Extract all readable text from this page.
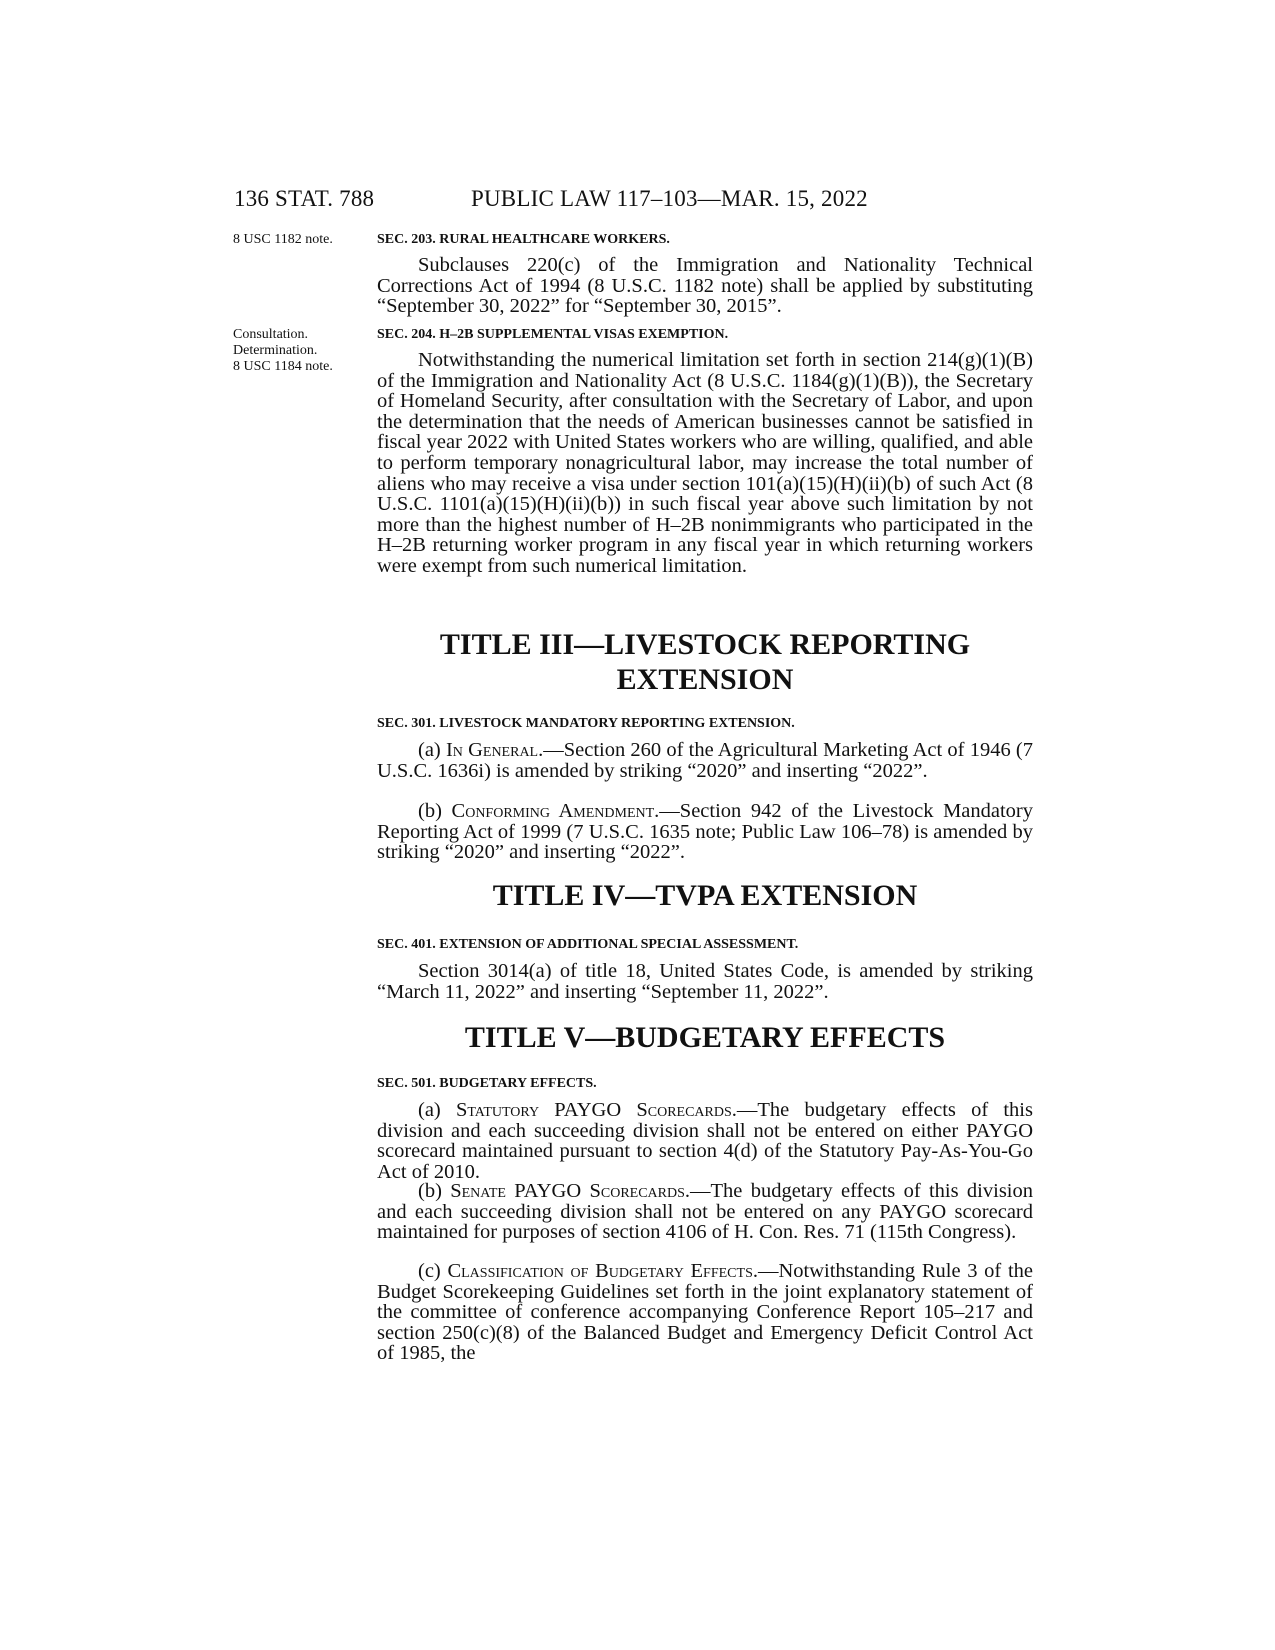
136 STAT. 788	PUBLIC LAW 117–103—MAR. 15, 2022
8 USC 1182 note.
Consultation.
Determination.
8 USC 1184 note.
SEC. 203. RURAL HEALTHCARE WORKERS.

Subclauses 220(c) of the Immigration and Nationality Technical Corrections Act of 1994 (8 U.S.C. 1182 note) shall be applied by substituting “September 30, 2022” for “September 30, 2015”.

SEC. 204. H–2B SUPPLEMENTAL VISAS EXEMPTION.

Notwithstanding the numerical limitation set forth in section 214(g)(1)(B) of the Immigration and Nationality Act (8 U.S.C. 1184(g)(1)(B)), the Secretary of Homeland Security, after consultation with the Secretary of Labor, and upon the determination that the needs of American businesses cannot be satisfied in fiscal year 2022 with United States workers who are willing, qualified, and able to perform temporary nonagricultural labor, may increase the total number of aliens who may receive a visa under section 101(a)(15)(H)(ii)(b) of such Act (8 U.S.C. 1101(a)(15)(H)(ii)(b)) in such fiscal year above such limitation by not more than the highest number of H–2B nonimmigrants who participated in the H–2B returning worker program in any fiscal year in which returning workers were exempt from such numerical limitation.

TITLE III—LIVESTOCK REPORTING
EXTENSION
SEC. 301. LIVESTOCK MANDATORY REPORTING EXTENSION.

(a) In General.—Section 260 of the Agricultural Marketing Act of 1946 (7 U.S.C. 1636i) is amended by striking “2020” and inserting “2022”.

(b) Conforming Amendment.—Section 942 of the Livestock Mandatory Reporting Act of 1999 (7 U.S.C. 1635 note; Public Law 106–78) is amended by striking “2020” and inserting “2022”.

TITLE IV—TVPA EXTENSION
SEC. 401. EXTENSION OF ADDITIONAL SPECIAL ASSESSMENT.

Section 3014(a) of title 18, United States Code, is amended by striking “March 11, 2022” and inserting “September 11, 2022”.

TITLE V—BUDGETARY EFFECTS
SEC. 501. BUDGETARY EFFECTS.

(a) Statutory PAYGO Scorecards.—The budgetary effects of this division and each succeeding division shall not be entered on either PAYGO scorecard maintained pursuant to section 4(d) of the Statutory Pay-As-You-Go Act of 2010.

(b) Senate PAYGO Scorecards.—The budgetary effects of this division and each succeeding division shall not be entered on any PAYGO scorecard maintained for purposes of section 4106 of H. Con. Res. 71 (115th Congress).

(c) Classification of Budgetary Effects.—Notwithstanding Rule 3 of the Budget Scorekeeping Guidelines set forth in the joint explanatory statement of the committee of conference accompanying Conference Report 105–217 and section 250(c)(8) of the Balanced Budget and Emergency Deficit Control Act of 1985, the
